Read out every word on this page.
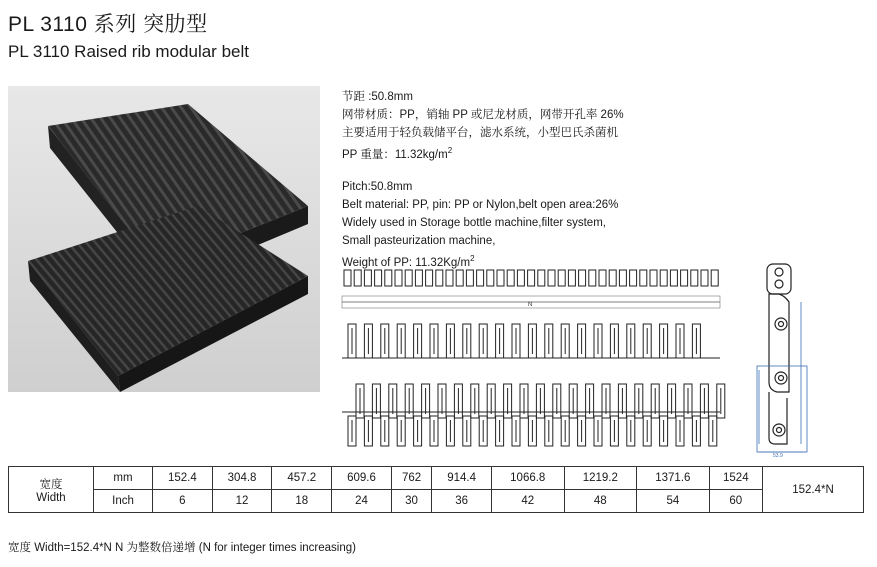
PL 3110 系列 突肋型
PL 3110 Raised rib modular belt
节距 :50.8mm
网带材质：PP，销轴 PP 或尼龙材质，网带开孔率 26%
主要适用于轻负载储平台，滤水系统，小型巴氏杀菌机
PP 重量：$11.32kg/m^2$
Pitch:50.8mm
Belt material: PP, pin: PP or Nylon,belt open area:26%
Widely used in Storage bottle machine,filter system,
Small pasteurization machine,
Weight of PP: $11.32Kg/m^2$
N
53.9
宽度
Width	mm	152.4	304.8	457.2	609.6	762	914.4	1066.8	1219.2	1371.6	1524	152.4*N
	Inch	6	12	18	24	30	36	42	48	54	60	
宽度 Width=152.4*N N 为整数倍递增 (N for integer times increasing)
